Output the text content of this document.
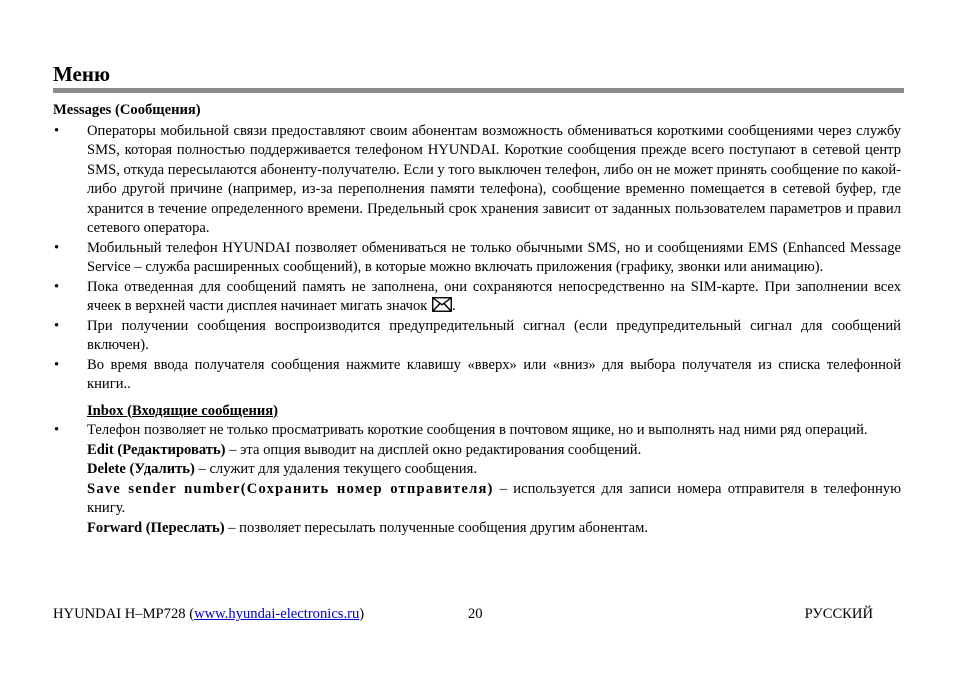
Меню

Messages (Сообщения)

• Операторы мобильной связи предоставляют своим абонентам возможность обмениваться короткими сообщениями через службу SMS, которая полностью поддерживается телефоном HYUNDAI. Короткие сообщения прежде всего поступают в сетевой центр SMS, откуда пересылаются абоненту-получателю. Если у того выключен телефон, либо он не может принять сообщение по какой-либо другой причине (например, из-за переполнения памяти телефона), сообщение временно помещается в сетевой буфер, где хранится в течение определенного времени. Предельный срок хранения зависит от заданных пользователем параметров и правил сетевого оператора.
• Мобильный телефон HYUNDAI позволяет обмениваться не только обычными SMS, но и сообщениями EMS (Enhanced Message Service – служба расширенных сообщений), в которые можно включать приложения (графику, звонки или анимацию).
• Пока отведенная для сообщений память не заполнена, они сохраняются непосредственно на SIM-карте. При заполнении всех ячеек в верхней части дисплея начинает мигать значок .
• При получении сообщения воспроизводится предупредительный сигнал (если предупредительный сигнал для сообщений включен).
• Во время ввода получателя сообщения нажмите клавишу «вверх» или «вниз» для выбора получателя из списка телефонной книги..

Inbox (Входящие сообщения)

• Телефон позволяет не только просматривать короткие сообщения в почтовом ящике, но и выполнять над ними ряд операций.

Edit (Редактировать) – эта опция выводит на дисплей окно редактирования сообщений.

Delete (Удалить) – служит для удаления текущего сообщения.

Save sender number(Сохранить номер отправителя) – используется для записи номера отправителя в телефонную книгу.

Forward (Переслать) – позволяет пересылать полученные сообщения другим абонентам.

HYUNDAI H–MP728 (www.hyundai-electronics.ru)	20	РУССКИЙ
